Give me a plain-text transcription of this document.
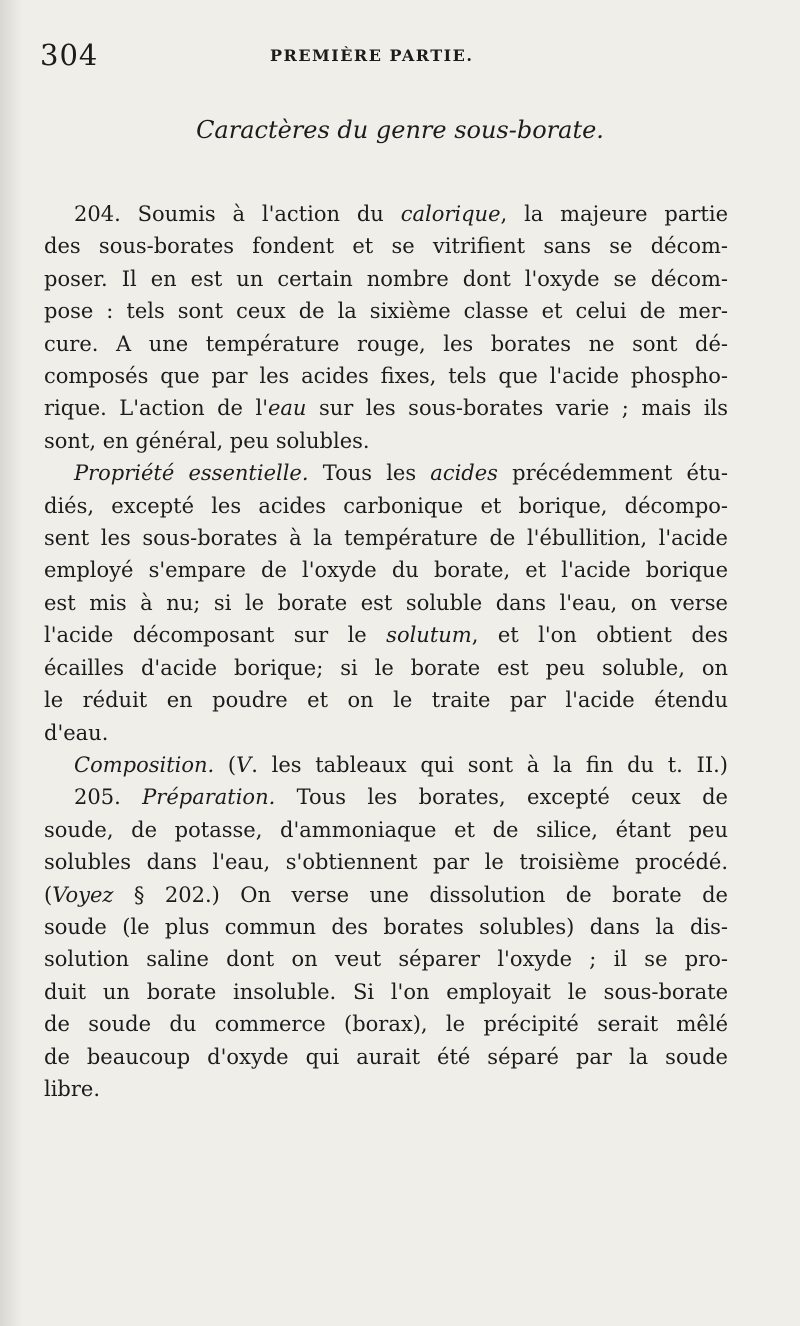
304	PREMIÈRE PARTIE.
Caractères du genre sous-borate.
204. Soumis à l'action du calorique, la majeure partie
des sous-borates fondent et se vitrifient sans se décom-
poser. Il en est un certain nombre dont l'oxyde se décom-
pose : tels sont ceux de la sixième classe et celui de mer-
cure. A une température rouge, les borates ne sont dé-
composés que par les acides fixes, tels que l'acide phospho-
rique. L'action de l'eau sur les sous-borates varie ; mais ils
sont, en général, peu solubles.
Propriété essentielle. Tous les acides précédemment étu-
diés, excepté les acides carbonique et borique, décompo-
sent les sous-borates à la température de l'ébullition, l'acide
employé s'empare de l'oxyde du borate, et l'acide borique
est mis à nu; si le borate est soluble dans l'eau, on verse
l'acide décomposant sur le solutum, et l'on obtient des
écailles d'acide borique; si le borate est peu soluble, on
le réduit en poudre et on le traite par l'acide étendu
d'eau.
Composition. (V. les tableaux qui sont à la fin du t. II.)
205. Préparation. Tous les borates, excepté ceux de
soude, de potasse, d'ammoniaque et de silice, étant peu
solubles dans l'eau, s'obtiennent par le troisième procédé.
(Voyez § 202.) On verse une dissolution de borate de
soude (le plus commun des borates solubles) dans la dis-
solution saline dont on veut séparer l'oxyde ; il se pro-
duit un borate insoluble. Si l'on employait le sous-borate
de soude du commerce (borax), le précipité serait mêlé
de beaucoup d'oxyde qui aurait été séparé par la soude
libre.
